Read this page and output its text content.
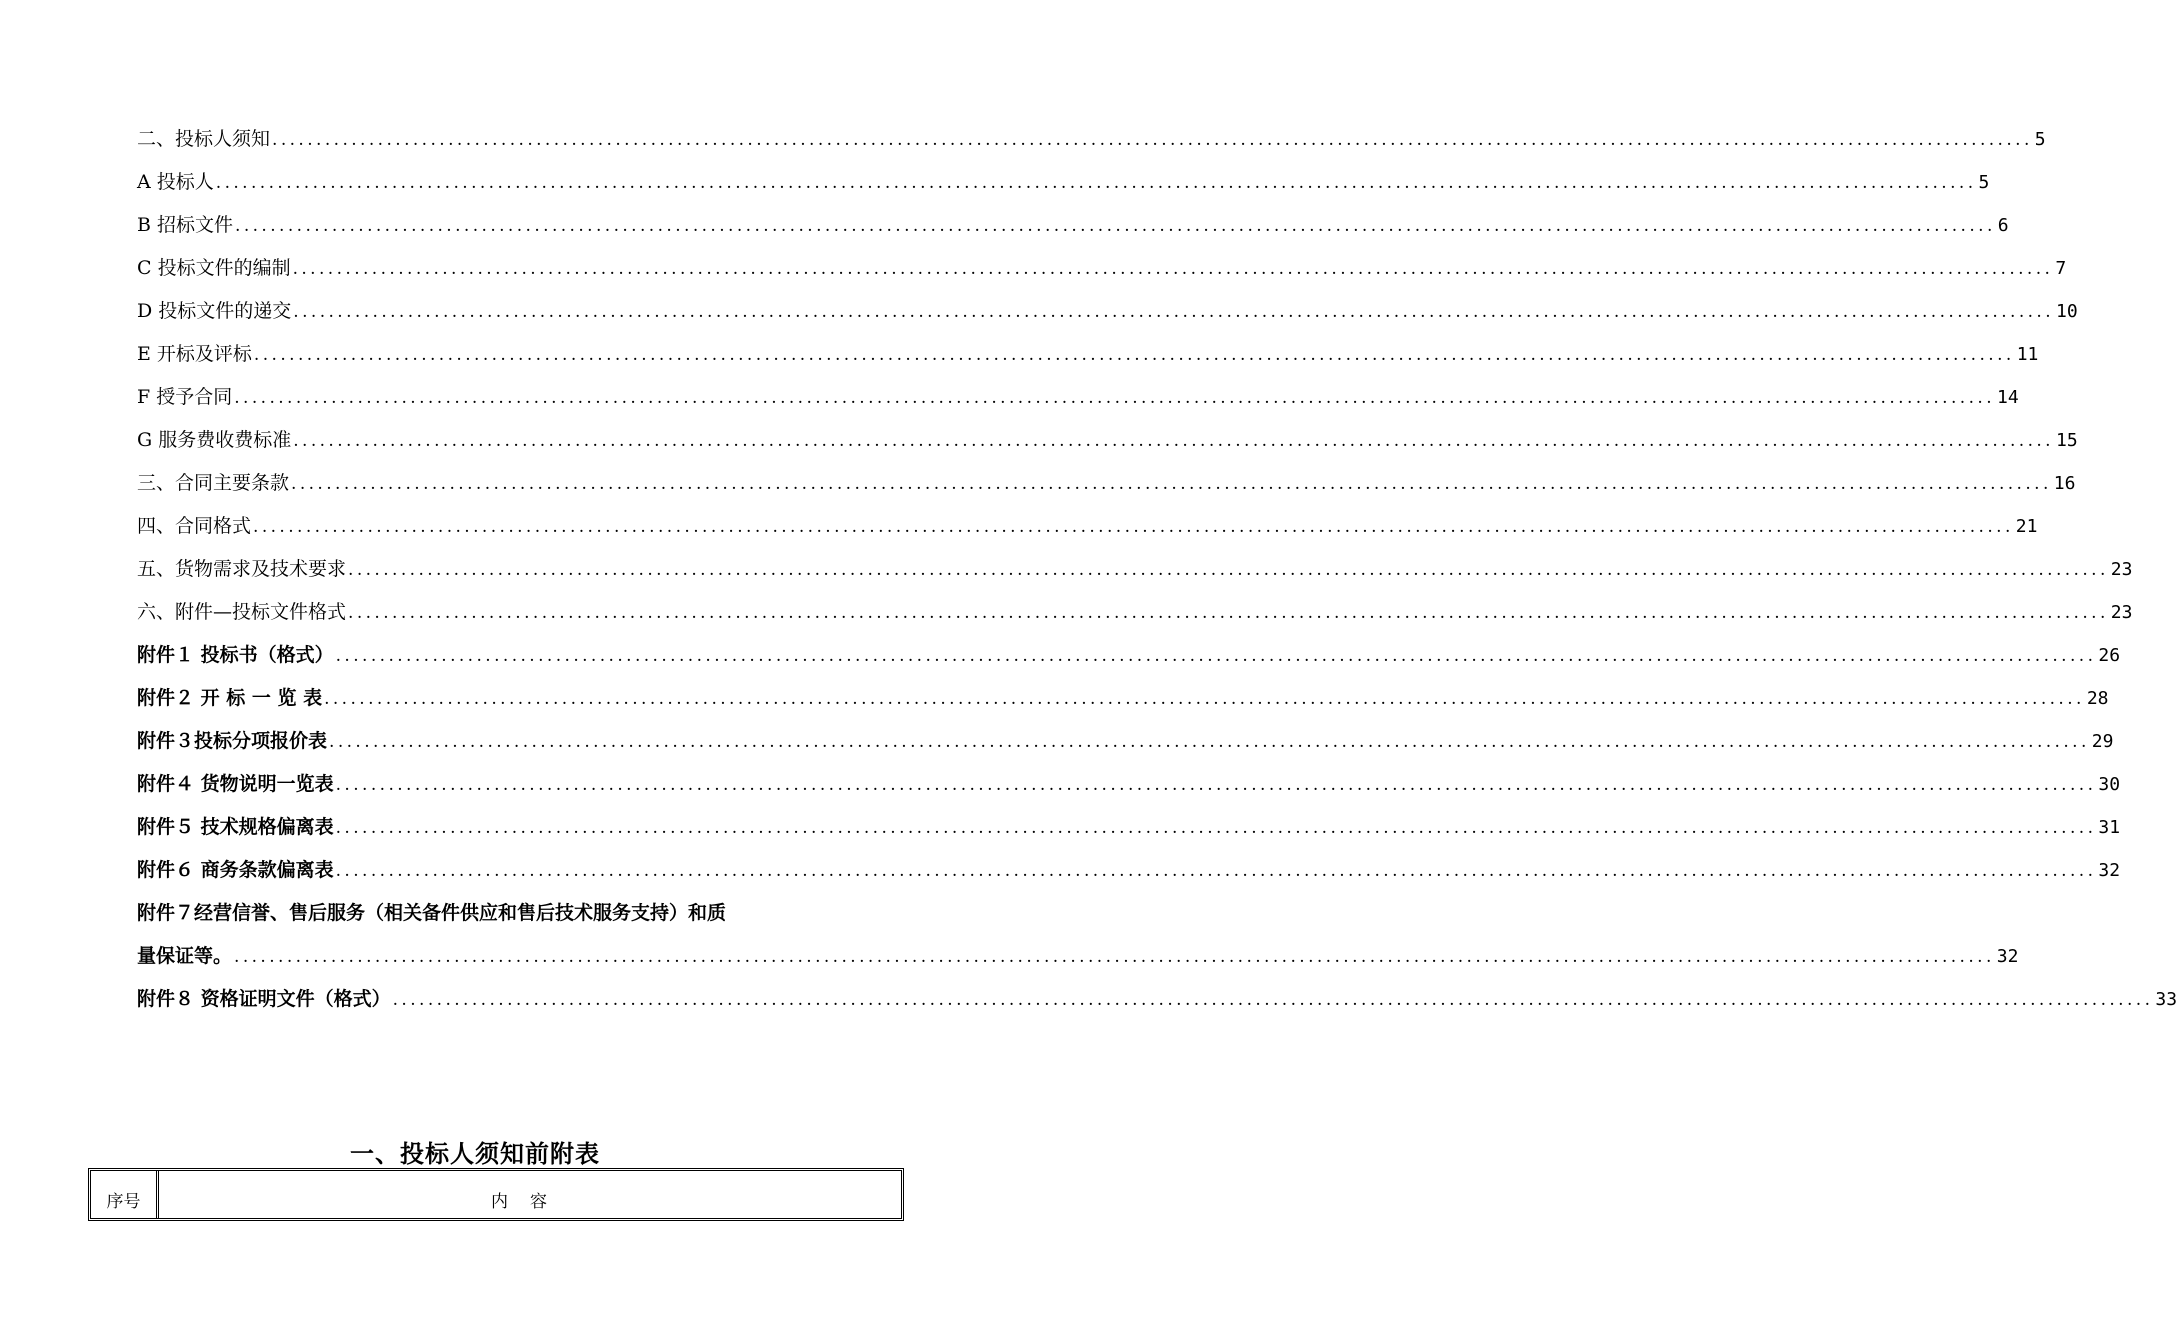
二、投标人须知 ........................................................................................................................................................................................................ 5
A 投标人 ........................................................................................................................................................................................................ 5
B 招标文件 ........................................................................................................................................................................................................ 6
C 投标文件的编制 ........................................................................................................................................................................................................ 7
D 投标文件的递交 ........................................................................................................................................................................................................ 10
E 开标及评标 ........................................................................................................................................................................................................ 11
F 授予合同 ........................................................................................................................................................................................................ 14
G 服务费收费标准 ........................................................................................................................................................................................................ 15
三、合同主要条款 ........................................................................................................................................................................................................ 16
四、合同格式 ........................................................................................................................................................................................................ 21
五、货物需求及技术要求 ........................................................................................................................................................................................................ 23
六、附件—投标文件格式 ........................................................................................................................................................................................................ 23
附件１ 投标书（格式） ........................................................................................................................................................................................................ 26
附件２ 开 标 一 览 表 ........................................................................................................................................................................................................ 28
附件３投标分项报价表 ........................................................................................................................................................................................................ 29
附件４ 货物说明一览表 ........................................................................................................................................................................................................ 30
附件５ 技术规格偏离表 ........................................................................................................................................................................................................ 31
附件６ 商务条款偏离表 ........................................................................................................................................................................................................ 32
附件７经营信誉、售后服务（相关备件供应和售后技术服务支持）和质
量保证等。 ........................................................................................................................................................................................................ 32
附件８ 资格证明文件（格式） ........................................................................................................................................................................................................ 33
一、投标人须知前附表
序号	内容
